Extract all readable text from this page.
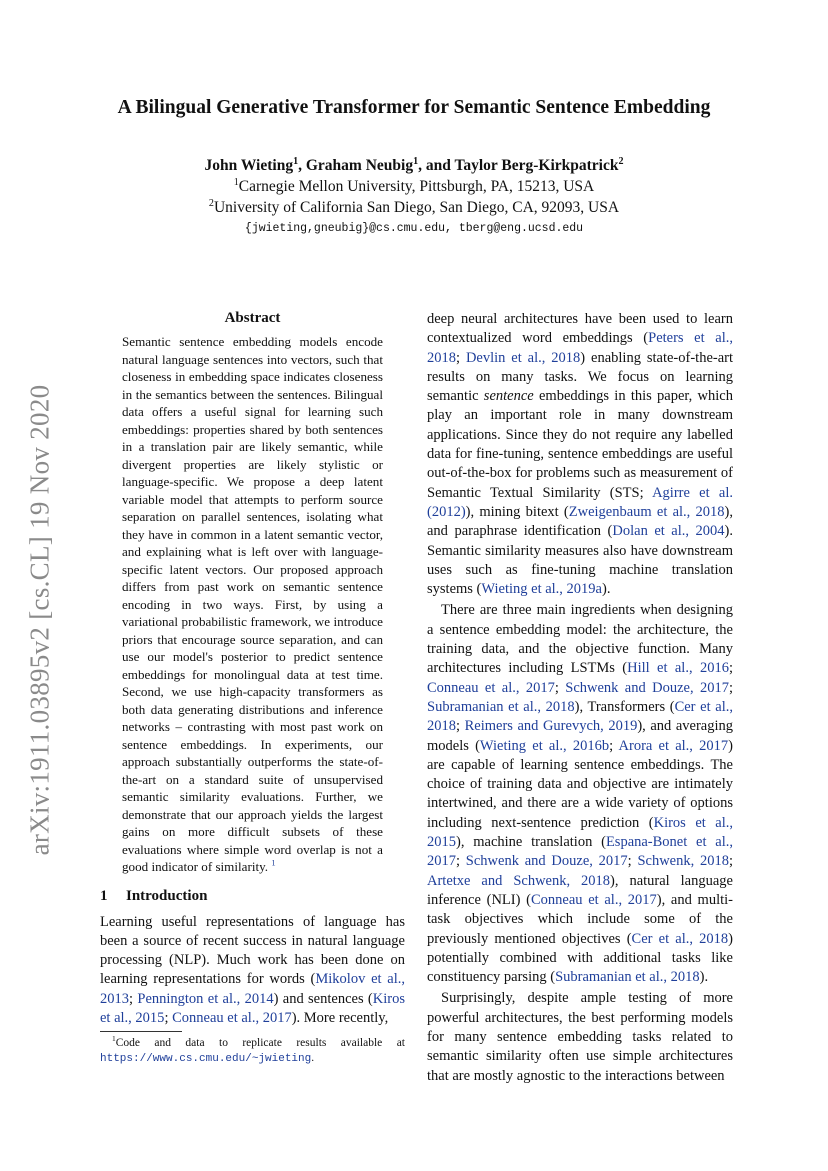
arXiv:1911.03895v2 [cs.CL] 19 Nov 2020
A Bilingual Generative Transformer for Semantic Sentence Embedding
John Wieting$^1$, Graham Neubig$^1$, and Taylor Berg-Kirkpatrick$^2$
$^1$Carnegie Mellon University, Pittsburgh, PA, 15213, USA
$^2$University of California San Diego, San Diego, CA, 92093, USA
{jwieting,gneubig}@cs.cmu.edu, tberg@eng.ucsd.edu
Abstract
Semantic sentence embedding models encode natural language sentences into vectors, such that closeness in embedding space indicates closeness in the semantics between the sentences. Bilingual data offers a useful signal for learning such embeddings: properties shared by both sentences in a translation pair are likely semantic, while divergent properties are likely stylistic or language-specific. We propose a deep latent variable model that attempts to perform source separation on parallel sentences, isolating what they have in common in a latent semantic vector, and explaining what is left over with language-specific latent vectors. Our proposed approach differs from past work on semantic sentence encoding in two ways. First, by using a variational probabilistic framework, we introduce priors that encourage source separation, and can use our model's posterior to predict sentence embeddings for monolingual data at test time. Second, we use high-capacity transformers as both data generating distributions and inference networks – contrasting with most past work on sentence embeddings. In experiments, our approach substantially outperforms the state-of-the-art on a standard suite of unsupervised semantic similarity evaluations. Further, we demonstrate that our approach yields the largest gains on more difficult subsets of these evaluations where simple word overlap is not a good indicator of similarity. $^1$
1 Introduction

Learning useful representations of language has been a source of recent success in natural language processing (NLP). Much work has been done on learning representations for words (Mikolov et al., 2013; Pennington et al., 2014) and sentences (Kiros et al., 2015; Conneau et al., 2017). More recently,

$^1$Code and data to replicate results available at https://www.cs.cmu.edu/~jwieting.

deep neural architectures have been used to learn contextualized word embeddings (Peters et al., 2018; Devlin et al., 2018) enabling state-of-the-art results on many tasks. We focus on learning semantic sentence embeddings in this paper, which play an important role in many downstream applications. Since they do not require any labelled data for fine-tuning, sentence embeddings are useful out-of-the-box for problems such as measurement of Semantic Textual Similarity (STS; Agirre et al. (2012)), mining bitext (Zweigenbaum et al., 2018), and paraphrase identification (Dolan et al., 2004). Semantic similarity measures also have downstream uses such as fine-tuning machine translation systems (Wieting et al., 2019a).

There are three main ingredients when designing a sentence embedding model: the architecture, the training data, and the objective function. Many architectures including LSTMs (Hill et al., 2016; Conneau et al., 2017; Schwenk and Douze, 2017; Subramanian et al., 2018), Transformers (Cer et al., 2018; Reimers and Gurevych, 2019), and averaging models (Wieting et al., 2016b; Arora et al., 2017) are capable of learning sentence embeddings. The choice of training data and objective are intimately intertwined, and there are a wide variety of options including next-sentence prediction (Kiros et al., 2015), machine translation (Espana-Bonet et al., 2017; Schwenk and Douze, 2017; Schwenk, 2018; Artetxe and Schwenk, 2018), natural language inference (NLI) (Conneau et al., 2017), and multi-task objectives which include some of the previously mentioned objectives (Cer et al., 2018) potentially combined with additional tasks like constituency parsing (Subramanian et al., 2018).

Surprisingly, despite ample testing of more powerful architectures, the best performing models for many sentence embedding tasks related to semantic similarity often use simple architectures that are mostly agnostic to the interactions between
